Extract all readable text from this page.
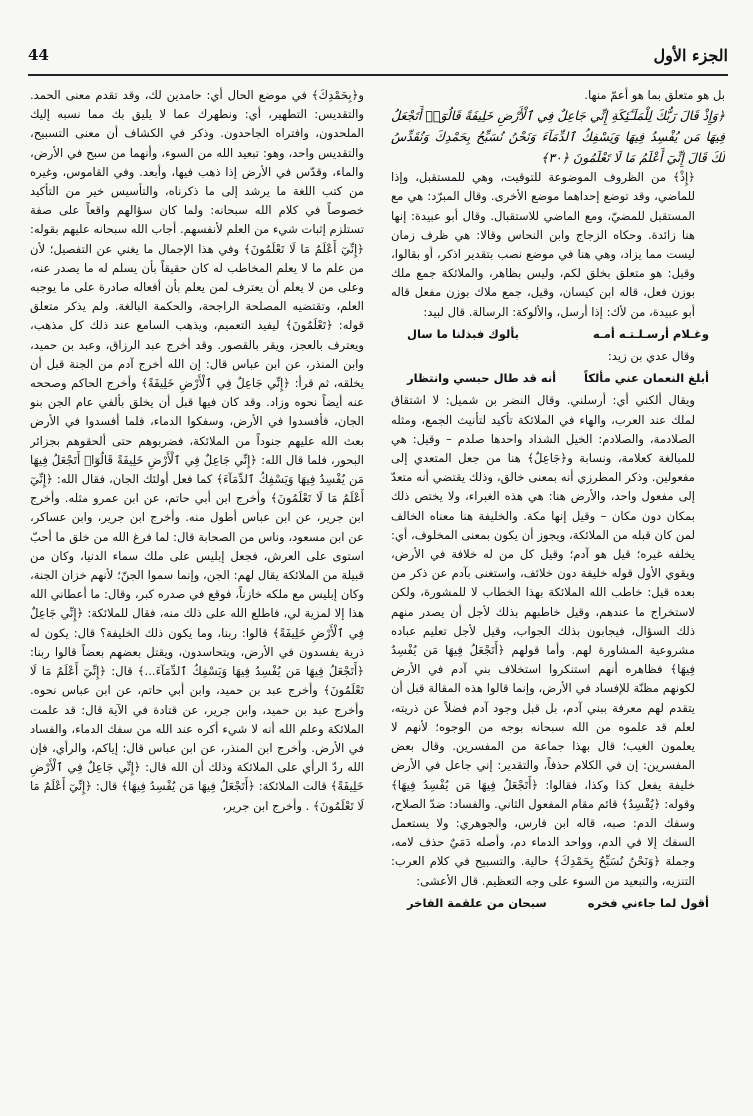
الجزء الأول
44

بل هو متعلق بما هو أعمّ منها.

﴿وَإِذْ قَالَ رَبُّكَ لِلْمَلَـٰٓئِكَةِ إِنِّي جَاعِلٌ فِي ٱلْأَرْضِ خَلِيفَةً قَالُوٓا۟ أَتَجْعَلُ فِيهَا مَن يُفْسِدُ فِيهَا وَيَسْفِكُ ٱلدِّمَآءَ وَنَحْنُ نُسَبِّحُ بِحَمْدِكَ وَنُقَدِّسُ لَكَ قَالَ إِنِّيٓ أَعْلَمُ مَا لَا تَعْلَمُونَ ﴿٣٠﴾

﴿إِذْ﴾ من الظروف الموضوعة للتوقيت، وهي للمستقبل، وإذا للماضي، وقد توضع إحداهما موضع الأخرى. وقال المبرّد: هي مع المستقبل للمضيّ، ومع الماضي للاستقبال. وقال أبو عبيدة: إنها هنا زائدة. وحكاه الزجاج وابن النحاس وقالا: هي ظرف زمان ليست مما يزاد، وهي هنا في موضع نصب بتقدير اذكر، أو بقالوا، وقيل: هو متعلق بخلق لكم، وليس بظاهر، والملائكة جمع ملك بوزن فعل، قاله ابن كيسان، وقيل، جمع ملاك بوزن مفعل قاله أبو عبيدة، من لأك: إذا أرسل، والألوكة: الرسالة. قال لبيد:

وغـلام أرسـلـتـه أمـه
بألوك فبذلنا ما سال

وقال عدي بن زيد:

أبلغ النعمان عني مألكاً
أنه قد طال حبسي وانتظار

ويقال ألكني أي: أرسلني. وقال النضر بن شميل: لا اشتقاق لملك عند العرب، والهاء في الملائكة تأكيد لتأنيث الجمع، ومثله الصلادمة، والصلادم: الخيل الشداد واحدها صلدم – وقيل: هي للمبالغة كعلامة، ونسابة و﴿جَاعِلٌ﴾ هنا من جعل المتعدي إلى مفعولين. وذكر المطرزي أنه بمعنى خالق، وذلك يقتضي أنه متعدّ إلى مفعول واحد، والأرض هنا: هي هذه الغبراء، ولا يختص ذلك بمكان دون مكان – وقيل إنها مكة. والخليفة هنا معناه الخالف لمن كان قبله من الملائكة، ويجوز أن يكون بمعنى المخلوف، أي: يخلفه غيره؛ قيل هو آدم؛ وقيل كل من له خلافة في الأرض، ويقوي الأول قوله خليفة دون خلائف، واستغنى بآدم عن ذكر من بعده قيل: خاطب الله الملائكة بهذا الخطاب لا للمشورة، ولكن لاستخراج ما عندهم، وقيل خاطبهم بذلك لأجل أن يصدر منهم ذلك السؤال، فيجابون بذلك الجواب، وقيل لأجل تعليم عباده مشروعية المشاورة لهم. وأما قولهم ﴿أَتَجْعَلُ فِيهَا مَن يُفْسِدُ فِيهَا﴾ فظاهره أنهم استنكروا استخلاف بني آدم في الأرض لكونهم مظنّة للإفساد في الأرض، وإنما قالوا هذه المقالة قبل أن يتقدم لهم معرفة ببني آدم، بل قبل وجود آدم فضلاً عن ذريته، لعلم قد علموه من الله سبحانه بوجه من الوجوه؛ لأنهم لا يعلمون الغيب؛ قال بهذا جماعة من المفسرين. وقال بعض المفسرين: إن في الكلام حذفاً، والتقدير: إني جاعل في الأرض خليفة يفعل كذا وكذا، فقالوا: ﴿أَتَجْعَلُ فِيهَا مَن يُفْسِدُ فِيهَا﴾ وقوله: ﴿يُفْسِدُ﴾ قائم مقام المفعول الثاني. والفساد: ضدّ الصلاح، وسفك الدم: صبه، قاله ابن فارس، والجوهري: ولا يستعمل السفك إلا في الدم، وواحد الدماء دم، وأصله دَمَيٌ حذف لامه، وجملة ﴿وَنَحْنُ نُسَبِّحُ بِحَمْدِكَ﴾ حالية. والتسبيح في كلام العرب: التنزيه، والتبعيد من السوء على وجه التعظيم. قال الأعشى:

أقول لما جاءني فخره
سبحان من علقمة الفاخر

و﴿بِحَمْدِكَ﴾ في موضع الحال أي: حامدين لك، وقد تقدم معنى الحمد. والتقديس: التطهير، أي: ونطهرك عما لا يليق بك مما نسبه إليك الملحدون، وافتراه الجاحدون. وذكر في الكشاف أن معنى التسبيح، والتقديس واحد، وهو: تبعيد الله من السوء، وأنهما من سبح في الأرض، والماء، وقدّس في الأرض إذا ذهب فيها، وأبعد. وفي القاموس، وغيره من كتب اللغة ما يرشد إلى ما ذكرناه، والتأسيس خير من التأكيد خصوصاً في كلام الله سبحانه: ولما كان سؤالهم واقعاً على صفة تستلزم إثبات شيء من العلم لأنفسهم. أجاب الله سبحانه عليهم بقوله: ﴿إِنِّيٓ أَعْلَمُ مَا لَا تَعْلَمُونَ﴾ وفي هذا الإجمال ما يغني عن التفصيل؛ لأن من علم ما لا يعلم المخاطب له كان حقيقاً بأن يسلم له ما يصدر عنه، وعلى من لا يعلم أن يعترف لمن يعلم بأن أفعاله صادرة على ما يوجبه العلم، وتقتضيه المصلحة الراجحة، والحكمة البالغة. ولم يذكر متعلق قوله: ﴿تَعْلَمُونَ﴾ ليفيد التعميم، ويذهب السامع عند ذلك كل مذهب، ويعترف بالعجز، ويقر بالقصور. وقد أخرج عبد الرزاق، وعبد بن حميد، وابن المنذر، عن ابن عباس قال: إن الله أخرج آدم من الجنة قبل أن يخلقه، ثم قرأ: ﴿إِنِّي جَاعِلٌ فِي ٱلْأَرْضِ خَلِيفَةً﴾ وأخرج الحاكم وصححه عنه أيضاً نحوه وزاد. وقد كان فيها قبل أن يخلق بألفي عام الجن بنو الجان، فأفسدوا في الأرض، وسفكوا الدماء، فلما أفسدوا في الأرض بعث الله عليهم جنوداً من الملائكة، فضربوهم حتى ألحقوهم بجزائر البحور، فلما قال الله: ﴿إِنِّي جَاعِلٌ فِي ٱلْأَرْضِ خَلِيفَةً قَالُوٓا۟ أَتَجْعَلُ فِيهَا مَن يُفْسِدُ فِيهَا وَيَسْفِكُ ٱلدِّمَآءَ﴾ كما فعل أولئك الجان، فقال الله: ﴿إِنِّيٓ أَعْلَمُ مَا لَا تَعْلَمُونَ﴾ وأخرج ابن أبي حاتم، عن ابن عمرو مثله. وأخرج ابن جرير، عن ابن عباس أطول منه. وأخرج ابن جرير، وابن عساكر، عن ابن مسعود، وناس من الصحابة قال: لما فرغ الله من خلق ما أحبّ استوى على العرش، فجعل إبليس على ملك سماء الدنيا، وكان من قبيلة من الملائكة يقال لهم: الجن، وإنما سموا الجنّ؛ لأنهم خزان الجنة، وكان إبليس مع ملكه خازناً، فوقع في صدره كبر، وقال: ما أعطاني الله هذا إلا لمزية لي، فاطلع الله على ذلك منه، فقال للملائكة: ﴿إِنِّي جَاعِلٌ فِي ٱلْأَرْضِ خَلِيفَةً﴾ قالوا: ربنا، وما يكون ذلك الخليفة؟ قال: يكون له ذرية يفسدون في الأرض، ويتحاسدون، ويقتل بعضهم بعضاً قالوا ربنا: ﴿أَتَجْعَلُ فِيهَا مَن يُفْسِدُ فِيهَا وَيَسْفِكُ ٱلدِّمَآءَ...﴾ قال: ﴿إِنِّيٓ أَعْلَمُ مَا لَا تَعْلَمُونَ﴾ وأخرج عبد بن حميد، وابن أبي حاتم، عن ابن عباس نحوه. وأخرج عبد بن حميد، وابن جرير، عن قتادة في الآية قال: قد علمت الملائكة وعلم الله أنه لا شيء أكره عند الله من سفك الدماء، والفساد في الأرض. وأخرج ابن المنذر، عن ابن عباس قال: إياكم، والرأي، فإن الله ردّ الرأي على الملائكة وذلك أن الله قال: ﴿إِنِّي جَاعِلٌ فِي ٱلْأَرْضِ خَلِيفَةً﴾ قالت الملائكة: ﴿أَتَجْعَلُ فِيهَا مَن يُفْسِدُ فِيهَا﴾ قال: ﴿إِنِّيٓ أَعْلَمُ مَا لَا تَعْلَمُونَ﴾ . وأخرج ابن جرير،
